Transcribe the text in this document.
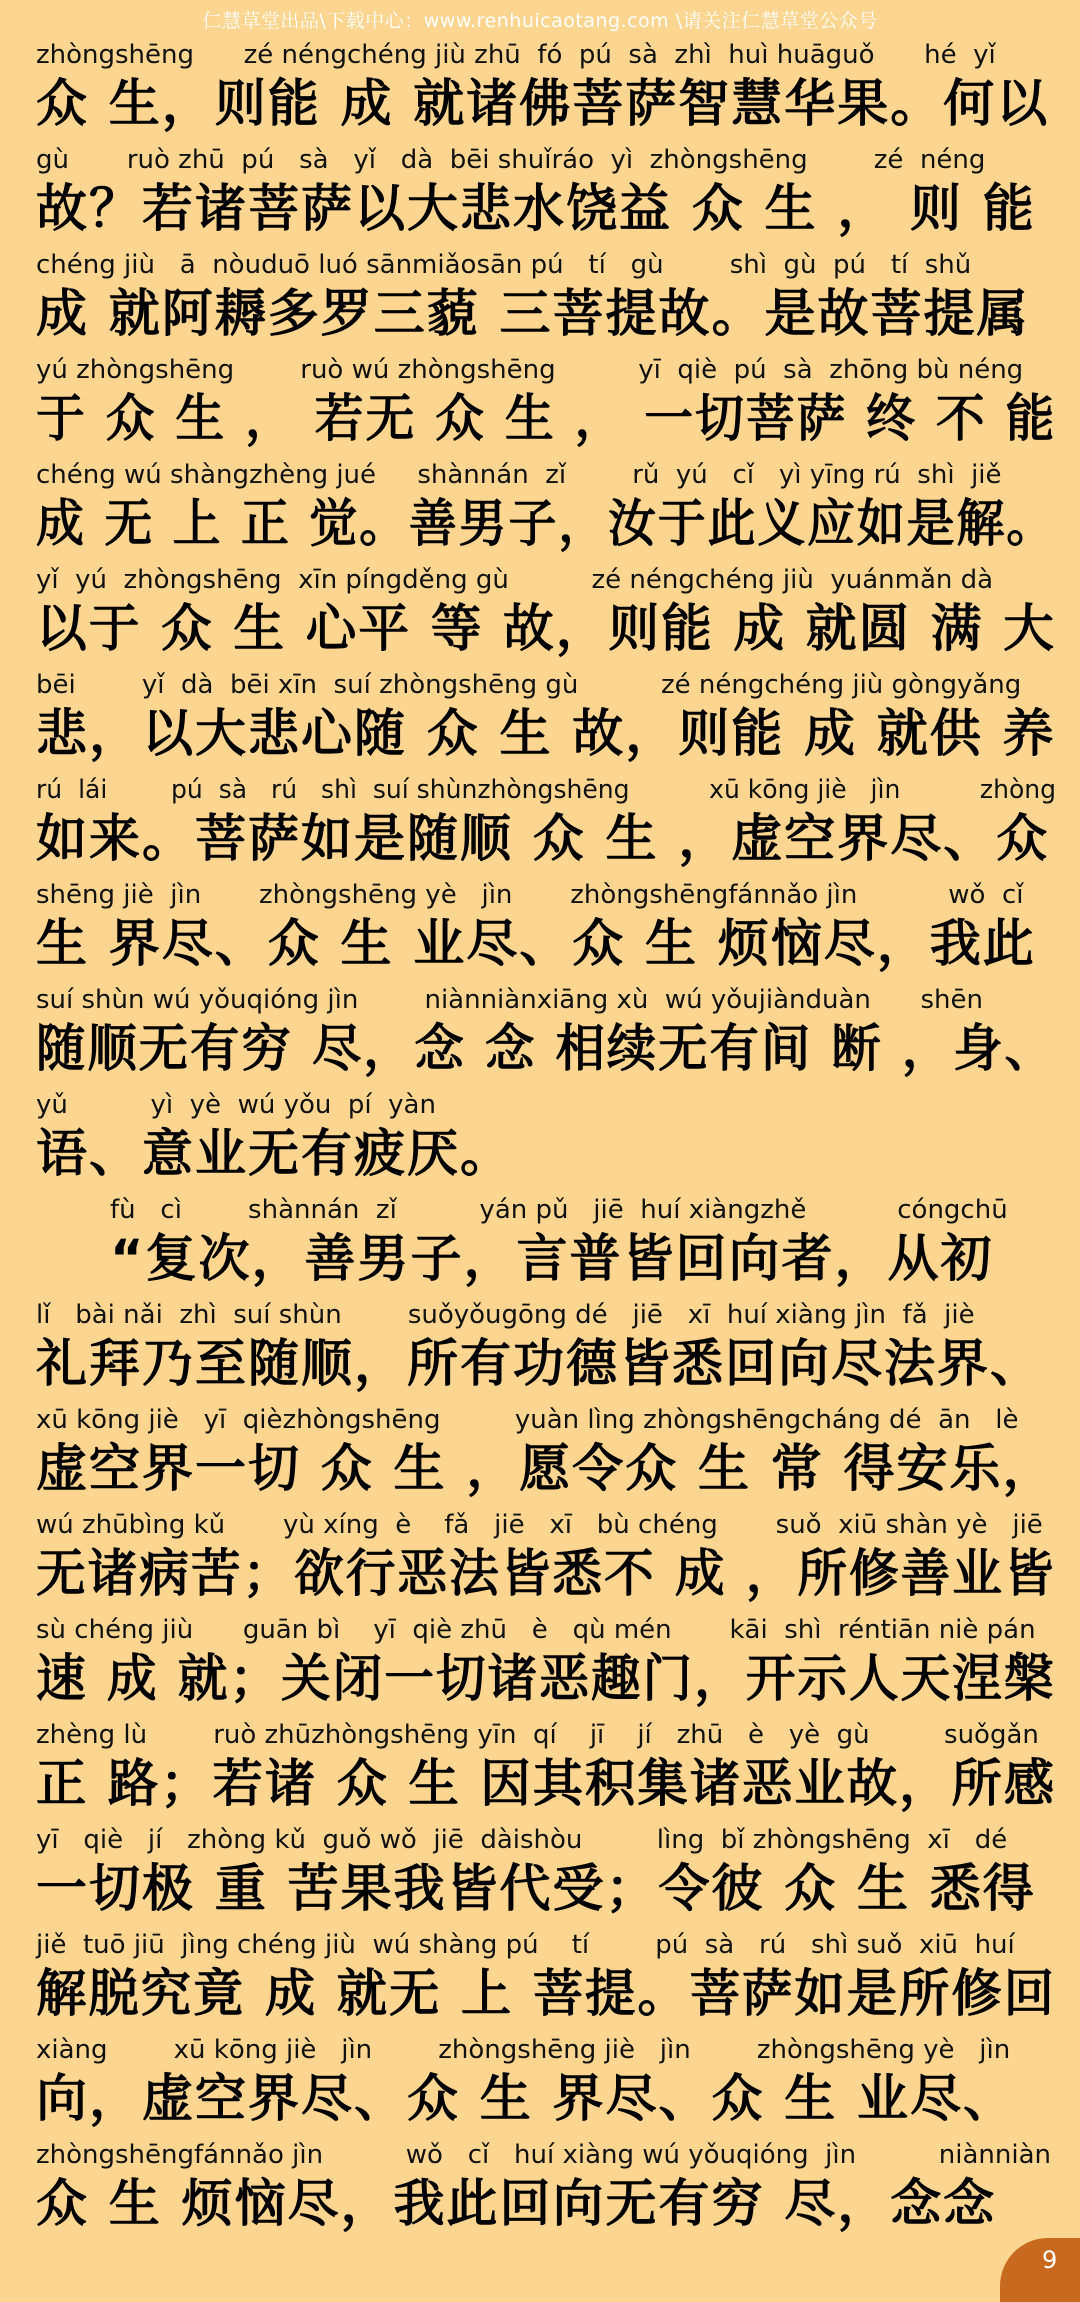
仁慧草堂出品\下载中心：www.renhuicaotang.com \请关注仁慧草堂公众号
zhòngshēng      zé néngchéng jiù zhū  fó  pú  sà  zhì  huì huāguǒ      hé  yǐ
众 生，则能 成 就诸佛菩萨智慧华果。何以
gù       ruò zhū  pú   sà   yǐ   dà  bēi shuǐráo  yì  zhòngshēng        zé  néng
故？若诸菩萨以大悲水饶益 众 生 ， 则 能
chéng jiù   ā  nòuduō luó sānmiǎosān pú   tí   gù        shì  gù  pú   tí  shǔ
成 就阿耨多罗三藐 三菩提故。是故菩提属
yú zhòngshēng        ruò wú zhòngshēng          yī  qiè  pú  sà  zhōng bù néng
于 众 生 ， 若无 众 生 ， 一切菩萨 终 不 能
chéng wú shàngzhèng jué     shànnán  zǐ        rǔ  yú   cǐ   yì yīng rú  shì  jiě
成 无 上 正 觉。善男子，汝于此义应如是解。
yǐ  yú  zhòngshēng  xīn píngděng gù          zé néngchéng jiù  yuánmǎn dà
以于 众 生 心平 等 故，则能 成 就圆 满 大
bēi        yǐ  dà  bēi xīn  suí zhòngshēng gù          zé néngchéng jiù gòngyǎng
悲，以大悲心随 众 生 故，则能 成 就供 养
rú  lái        pú  sà   rú   shì  suí shùnzhòngshēng          xū kōng jiè   jìn          zhòng
如来。菩萨如是随顺 众 生 ，虚空界尽、众
shēng jiè  jìn       zhòngshēng yè   jìn       zhòngshēngfánnǎo jìn           wǒ  cǐ
生 界尽、众 生 业尽、众 生 烦恼尽，我此
suí shùn wú yǒuqióng jìn        niànniànxiāng xù  wú yǒujiànduàn      shēn
随顺无有穷 尽，念 念 相续无有间 断 ，身、
yǔ          yì  yè  wú yǒu  pí  yàn
语、意业无有疲厌。
fù   cì        shànnán  zǐ          yán pǔ   jiē  huí xiàngzhě           cóngchū
“复次，善男子，言普皆回向者，从初
lǐ   bài nǎi  zhì  suí shùn        suǒyǒugōng dé   jiē   xī  huí xiàng jìn  fǎ  jiè
礼拜乃至随顺，所有功德皆悉回向尽法界、
xū kōng jiè   yī  qièzhòngshēng         yuàn lìng zhòngshēngcháng dé  ān   lè
虚空界一切 众 生 ，愿令众 生 常 得安乐，
wú zhūbìng kǔ       yù xíng  è    fǎ   jiē   xī   bù chéng       suǒ  xiū shàn yè   jiē
无诸病苦；欲行恶法皆悉不 成 ，所修善业皆
sù chéng jiù      guān bì    yī  qiè zhū   è   qù mén       kāi  shì  réntiān niè pán
速 成 就；关闭一切诸恶趣门，开示人天涅槃
zhèng lù        ruò zhūzhòngshēng yīn  qí    jī    jí   zhū   è   yè  gù         suǒgǎn
正 路；若诸 众 生 因其积集诸恶业故，所感
yī   qiè   jí   zhòng kǔ  guǒ wǒ  jiē  dàishòu         lìng  bǐ zhòngshēng  xī   dé
一切极 重 苦果我皆代受；令彼 众 生 悉得
jiě  tuō jiū  jìng chéng jiù  wú shàng pú    tí        pú  sà   rú   shì suǒ  xiū  huí
解脱究竟 成 就无 上 菩提。菩萨如是所修回
xiàng        xū kōng jiè   jìn        zhòngshēng jiè   jìn        zhòngshēng yè   jìn
向，虚空界尽、众 生 界尽、众 生 业尽、
zhòngshēngfánnǎo jìn          wǒ   cǐ   huí xiàng wú yǒuqióng  jìn          niànniàn
众 生 烦恼尽，我此回向无有穷 尽，念念
9
